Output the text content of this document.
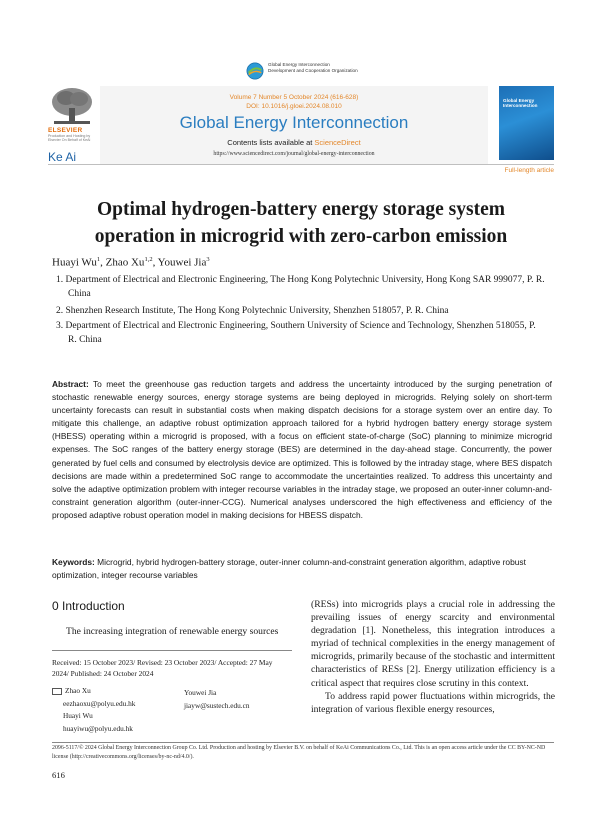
Global Energy Interconnection
Development and Cooperation Organization
ELSEVIER
Production and Hosting by Elsevier On Behalf of KeAi
Ke Ai
Volume 7 Number 5 October 2024 (616-628)
DOI: 10.1016/j.gloei.2024.08.010
Global Energy Interconnection
Contents lists available at ScienceDirect
https://www.sciencedirect.com/journal/global-energy-interconnection
Global Energy Interconnection
Full-length article
Optimal hydrogen-battery energy storage system
operation in microgrid with zero-carbon emission
Huayi Wu$^1$, Zhao Xu$^{1,2}$, Youwei Jia$^3$
1. Department of Electrical and Electronic Engineering, The Hong Kong Polytechnic University, Hong Kong SAR 999077, P. R. China
2. Shenzhen Research Institute, The Hong Kong Polytechnic University, Shenzhen 518057, P. R. China
3. Department of Electrical and Electronic Engineering, Southern University of Science and Technology, Shenzhen 518055, P. R. China
Abstract: To meet the greenhouse gas reduction targets and address the uncertainty introduced by the surging penetration of stochastic renewable energy sources, energy storage systems are being deployed in microgrids. Relying solely on short-term uncertainty forecasts can result in substantial costs when making dispatch decisions for a storage system over an entire day. To mitigate this challenge, an adaptive robust optimization approach tailored for a hybrid hydrogen battery energy storage system (HBESS) operating within a microgrid is proposed, with a focus on efficient state-of-charge (SoC) planning to minimize microgrid expenses. The SoC ranges of the battery energy storage (BES) are determined in the day-ahead stage. Concurrently, the power generated by fuel cells and consumed by electrolysis device are optimized. This is followed by the intraday stage, where BES dispatch decisions are made within a predetermined SoC range to accommodate the uncertainties realized. To address this uncertainty and solve the adaptive optimization problem with integer recourse variables in the intraday stage, we proposed an outer-inner column-and-constraint generation algorithm (outer-inner-CCG). Numerical analyses underscored the high effectiveness and efficiency of the proposed adaptive robust operation model in making decisions for HBESS dispatch.
Keywords: Microgrid, hybrid hydrogen-battery storage, outer-inner column-and-constraint generation algorithm, adaptive robust optimization, integer recourse variables
0 Introduction
The increasing integration of renewable energy sources
Received: 15 October 2023/ Revised: 23 October 2023/ Accepted: 27 May 2024/ Published: 24 October 2024
Zhao Xu
eezhaoxu@polyu.edu.hk
Youwei Jia
jiayw@sustech.edu.cn
Huayi Wu
huayiwu@polyu.edu.hk

(RESs) into microgrids plays a crucial role in addressing the prevailing issues of energy scarcity and environmental degradation [1]. Nonetheless, this integration introduces a myriad of technical complexities in the energy management of microgrids, primarily because of the stochastic and intermittent characteristics of RESs [2]. Energy utilization efficiency is a critical aspect that requires close scrutiny in this context.

To address rapid power fluctuations within microgrids, the integration of various flexible energy resources,

2096-5117/© 2024 Global Energy Interconnection Group Co. Ltd. Production and hosting by Elsevier B.V. on behalf of KeAi Communications Co., Ltd. This is an open access article under the CC BY-NC-ND license (http://creativecommons.org/licenses/by-nc-nd/4.0/).
616
